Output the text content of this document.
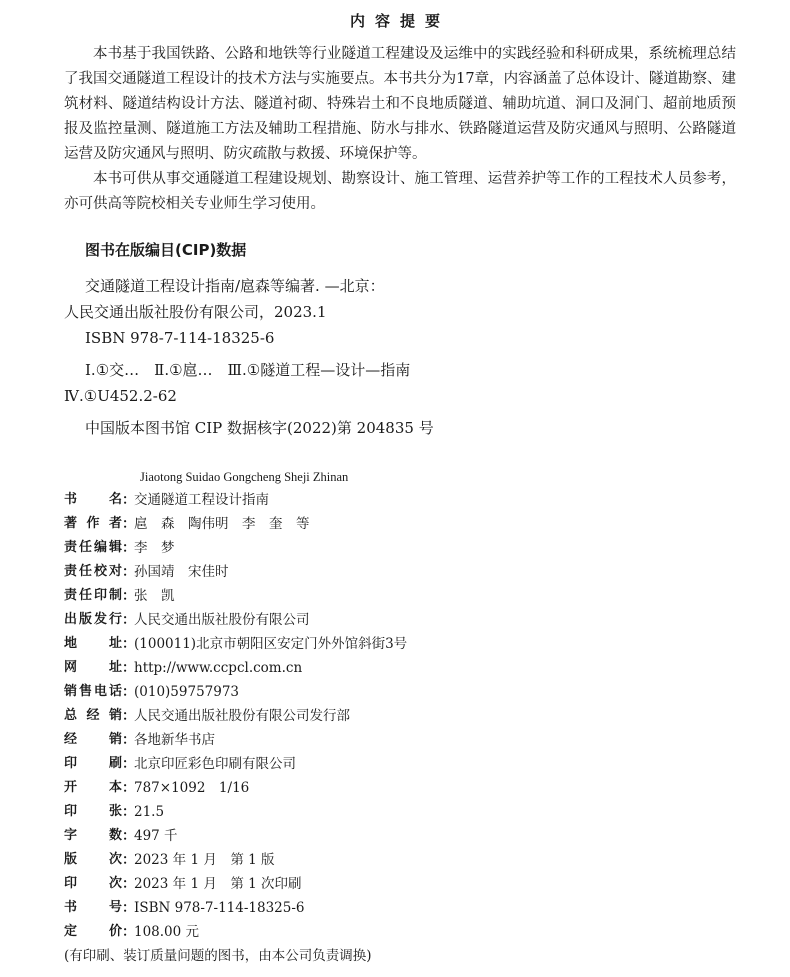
内容提要

本书基于我国铁路、公路和地铁等行业隧道工程建设及运维中的实践经验和科研成果，系统梳理总结了我国交通隧道工程设计的技术方法与实施要点。本书共分为17章，内容涵盖了总体设计、隧道勘察、建筑材料、隧道结构设计方法、隧道衬砌、特殊岩土和不良地质隧道、辅助坑道、洞口及洞门、超前地质预报及监控量测、隧道施工方法及辅助工程措施、防水与排水、铁路隧道运营及防灾通风与照明、公路隧道运营及防灾通风与照明、防灾疏散与救援、环境保护等。

本书可供从事交通隧道工程建设规划、勘察设计、施工管理、运营养护等工作的工程技术人员参考，亦可供高等院校相关专业师生学习使用。

图书在版编目(CIP)数据
交通隧道工程设计指南/扈森等编著. —北京：
人民交通出版社股份有限公司，2023.1
ISBN 978-7-114-18325-6
Ⅰ.①交…　Ⅱ.①扈…　Ⅲ.①隧道工程—设计—指南
Ⅳ.①U452.2-62
中国版本图书馆 CIP 数据核字(2022)第 204835 号
Jiaotong Suidao Gongcheng Sheji Zhinan
书名 ：
交通隧道工程设计指南
著作者 ：
扈　森　陶伟明　李　奎　等
责任编辑 ：
李　梦
责任校对 ：
孙国靖　宋佳时
责任印制 ：
张　凯
出版发行 ：
人民交通出版社股份有限公司
地址 ：
(100011)北京市朝阳区安定门外外馆斜街3号
网址 ：
http://www.ccpcl.com.cn
销售电话 ：
(010)59757973
总经销 ：
人民交通出版社股份有限公司发行部
经销 ：
各地新华书店
印刷 ：
北京印匠彩色印刷有限公司
开本 ：
787×1092　1/16
印张 ：
21.5
字数 ：
497 千
版次 ：
2023 年 1 月　第 1 版
印次 ：
2023 年 1 月　第 1 次印刷
书号 ：
ISBN 978-7-114-18325-6
定价 ：
108.00 元
(有印刷、装订质量问题的图书，由本公司负责调换)
